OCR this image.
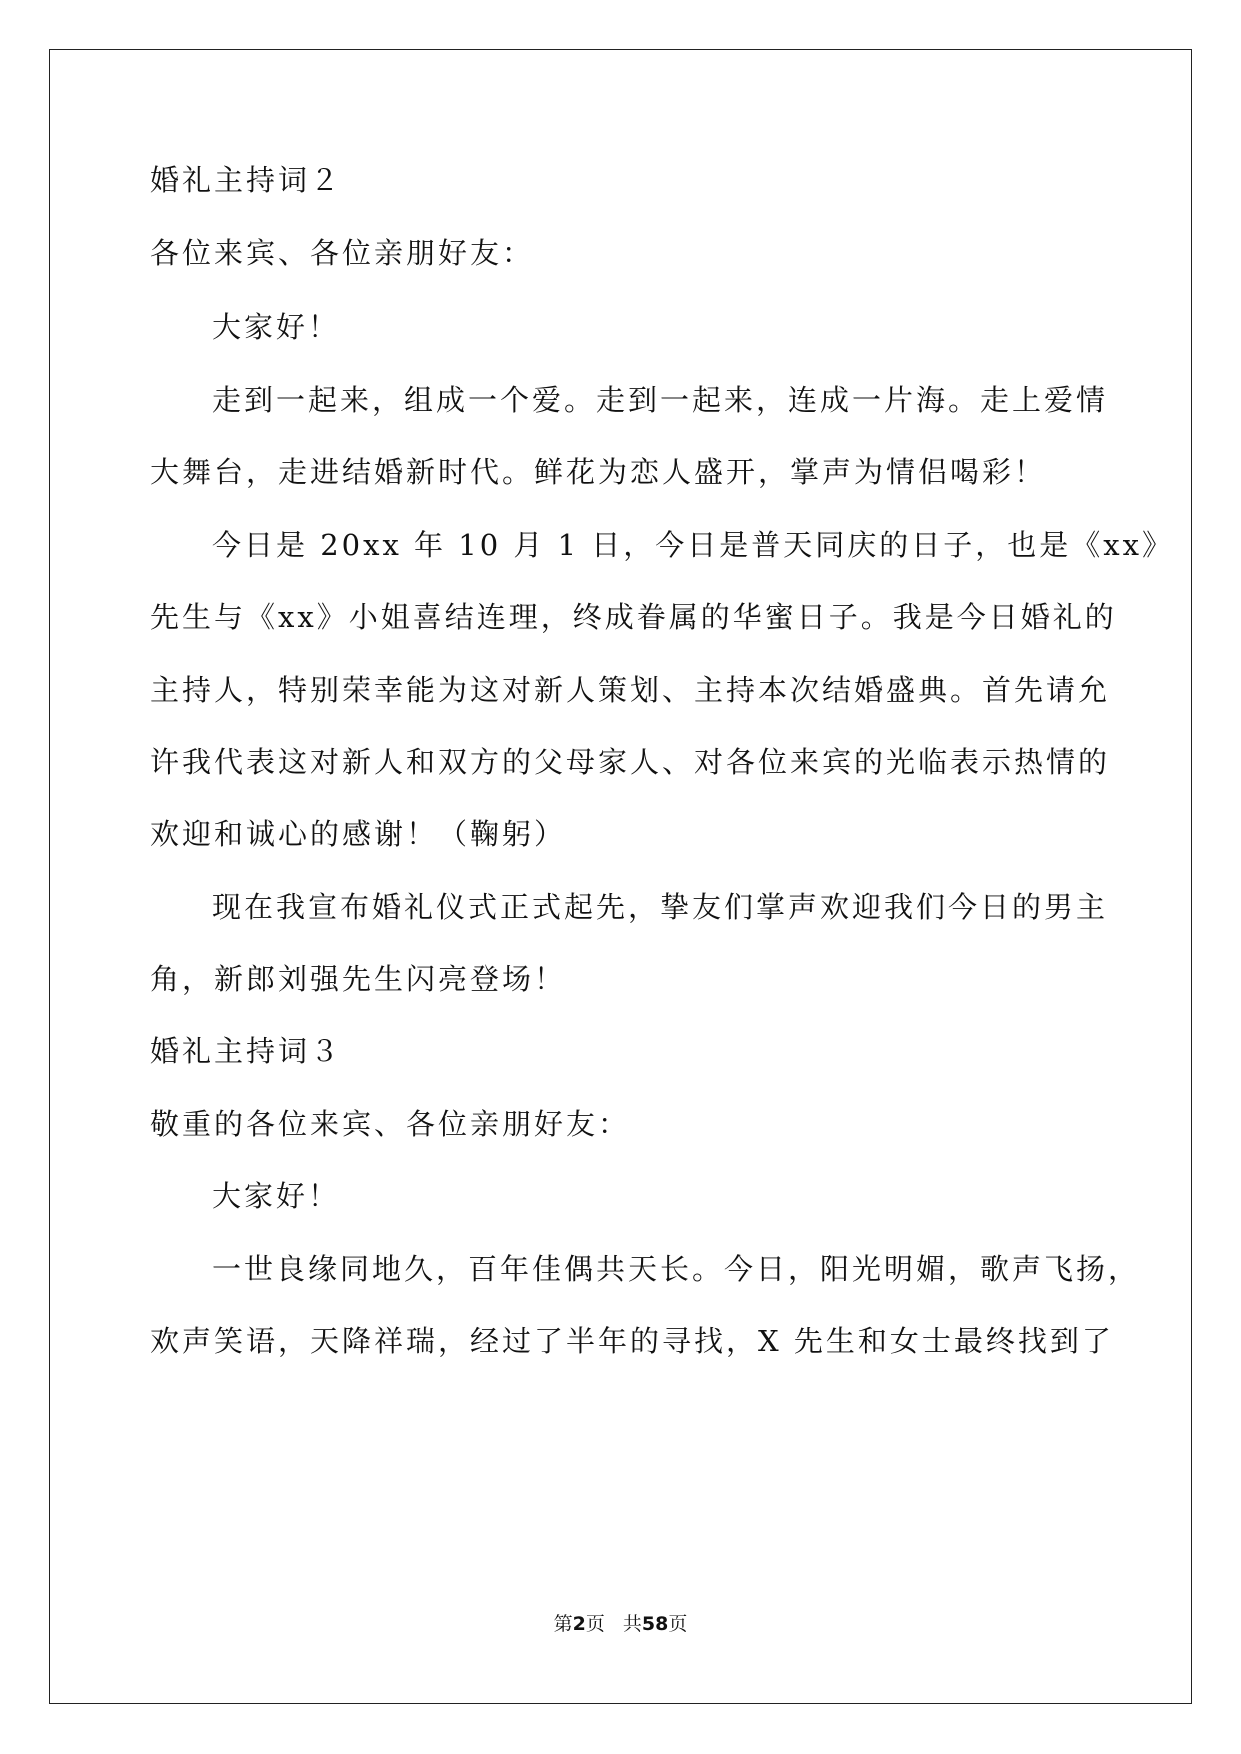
婚礼主持词２
各位来宾、各位亲朋好友：
大家好！
走到一起来，组成一个爱。走到一起来，连成一片海。走上爱情
大舞台，走进结婚新时代。鲜花为恋人盛开，掌声为情侣喝彩！
今日是 20xx 年 10 月 1 日，今日是普天同庆的日子，也是《xx》
先生与《xx》小姐喜结连理，终成眷属的华蜜日子。我是今日婚礼的
主持人，特别荣幸能为这对新人策划、主持本次结婚盛典。首先请允
许我代表这对新人和双方的父母家人、对各位来宾的光临表示热情的
欢迎和诚心的感谢！（鞠躬）
现在我宣布婚礼仪式正式起先，挚友们掌声欢迎我们今日的男主
角，新郎刘强先生闪亮登场！
婚礼主持词３
敬重的各位来宾、各位亲朋好友：
大家好！
一世良缘同地久，百年佳偶共天长。今日，阳光明媚，歌声飞扬，
欢声笑语，天降祥瑞，经过了半年的寻找，X 先生和女士最终找到了
第2页 共58页
